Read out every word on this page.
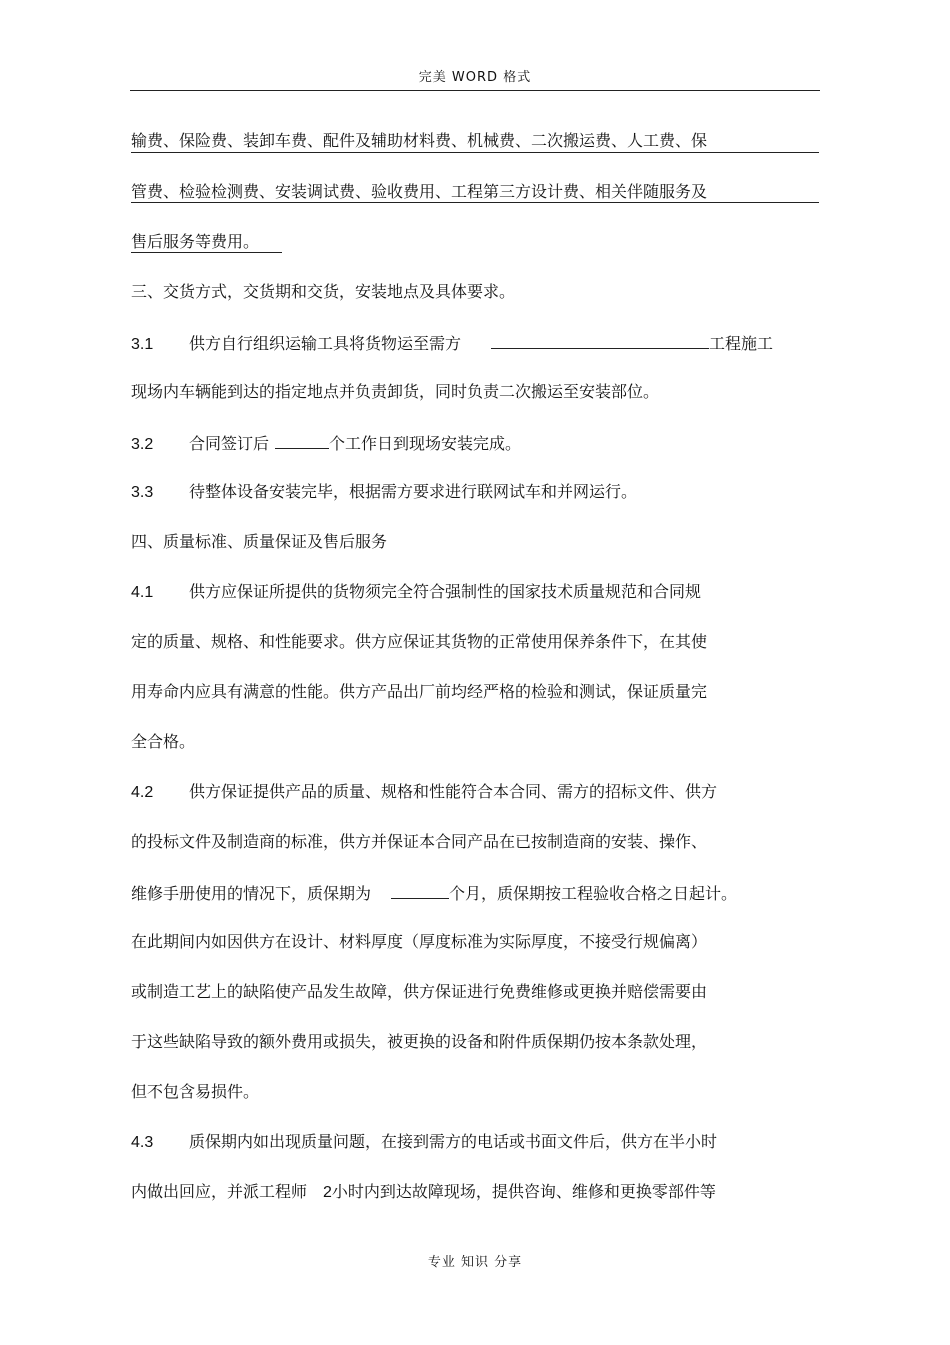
完美 WORD 格式
输费、保险费、装卸车费、配件及辅助材料费、机械费、二次搬运费、人工费、保
管费、检验检测费、安装调试费、验收费用、工程第三方设计费、相关伴随服务及
售后服务等费用。
三、交货方式，交货期和交货，安装地点及具体要求。
3.1 供方自行组织运输工具将货物运至需方	工程施工
现场内车辆能到达的指定地点并负责卸货，同时负责二次搬运至安装部位。
3.2 合同签订后	个工作日到现场安装完成。
3.3 待整体设备安装完毕，根据需方要求进行联网试车和并网运行。
四、质量标准、质量保证及售后服务
4.1 供方应保证所提供的货物须完全符合强制性的国家技术质量规范和合同规
定的质量、规格、和性能要求。供方应保证其货物的正常使用保养条件下，在其使
用寿命内应具有满意的性能。供方产品出厂前均经严格的检验和测试，保证质量完
全合格。
4.2 供方保证提供产品的质量、规格和性能符合本合同、需方的招标文件、供方
的投标文件及制造商的标准，供方并保证本合同产品在已按制造商的安装、操作、
维修手册使用的情况下，质保期为	个月，质保期按工程验收合格之日起计。
在此期间内如因供方在设计、材料厚度（厚度标准为实际厚度，不接受行规偏离）
或制造工艺上的缺陷使产品发生故障，供方保证进行免费维修或更换并赔偿需要由
于这些缺陷导致的额外费用或损失，被更换的设备和附件质保期仍按本条款处理，
但不包含易损件。
4.3 质保期内如出现质量问题，在接到需方的电话或书面文件后，供方在半小时
内做出回应，并派工程师 2小时内到达故障现场，提供咨询、维修和更换零部件等
专业 知识 分享
